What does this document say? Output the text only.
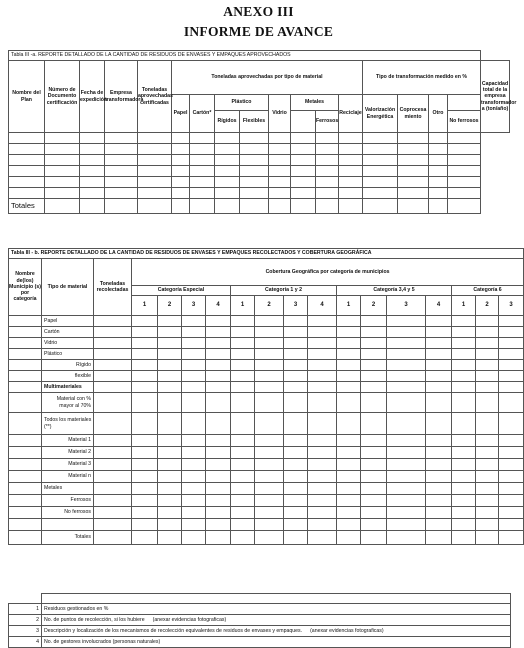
ANEXO III
INFORME DE AVANCE
Tabla III -a. REPORTE DETALLADO DE LA CANTIDAD DE RESIDUOS DE ENVASES Y EMPAQUES APROVECHADOS																	
Nombre del Plan	Número de Documento certificación	Fecha de expedición	Empresa transformadora	Toneladas aprovechadas certificadas	Toneladas aprovechadas por tipo de material								Tipo de transformación medido en %				Capacidad total de la empresa transformador a (ton/año)
					Papel	Cartón*	Plástico		Vidrio	Metales		Reciclaje	Valorización Energética	Coprocesa miento	Otro		
							Rígidos	Flexibles			Ferrosos					No ferrosos	

Totales																	
Tabla III - b. REPORTE DETALLADO DE LA CANTIDAD DE RESIDUOS DE ENVASES Y EMPAQUES RECOLECTADOS Y COBERTURA GEOGRÁFICA																	
Nombre de(los) Municipio (s) por categoría	Tipo de material	Toneladas recolectadas	Cobertura Geográfica por categoría de municipios														
			Categoría Especial				Categoría 1 y 2				Categoría 3,4 y 5				Categoría 6		
			1	2	3	4	1	2	3	4	1	2	3	4	1	2	3
	Papel																
	Cartón																
	Vidrio																
	Plástico																
	Rígido																
	flexible																
	Multimateriales																
	Material con % mayor al 70%																
	Todos los materiales (**)																
	Material 1																
	Material 2																
	Material 3																
	Material n																
	Metales																
	Ferrosos																
	No ferrosos																

	Totales																

1	Residuos gestionados en %
2	No. de puntos de recolección, si los hubiere (anexar evidencias fotograficas)
3	Descripción y localización de los mecanismos de recolección equivalentes de residuos de envases y empaques. (anexar evidencias fotograficas)
4	No. de gestores involucrados (personas naturales)
